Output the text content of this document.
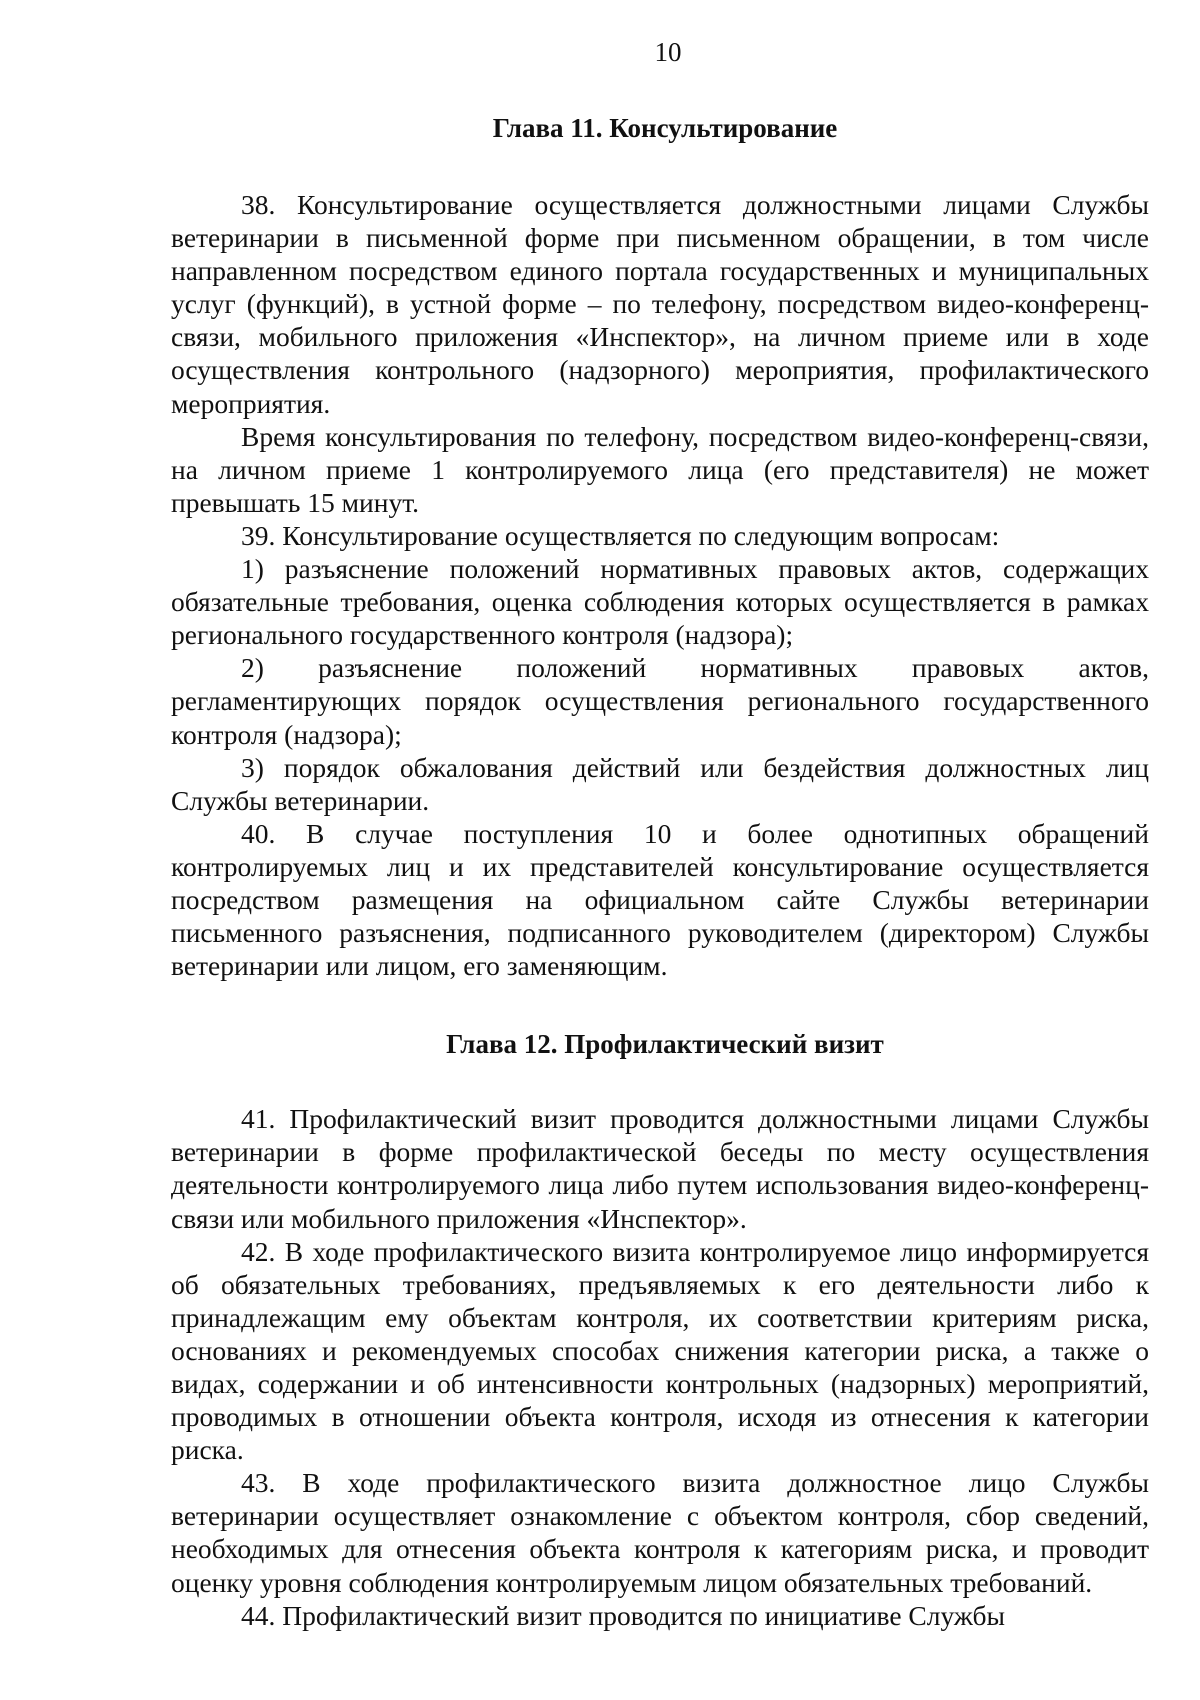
10
Глава 11. Консультирование

38. Консультирование осуществляется должностными лицами Службы ветеринарии в письменной форме при письменном обращении, в том числе направленном посредством единого портала государственных и муниципальных услуг (функций), в устной форме – по телефону, посредством видео-конференц-связи, мобильного приложения «Инспектор», на личном приеме или в ходе осуществления контрольного (надзорного) мероприятия, профилактического мероприятия.

Время консультирования по телефону, посредством видео-конференц-связи, на личном приеме 1 контролируемого лица (его представителя) не может превышать 15 минут.

39. Консультирование осуществляется по следующим вопросам:

1) разъяснение положений нормативных правовых актов, содержащих обязательные требования, оценка соблюдения которых осуществляется в рамках регионального государственного контроля (надзора);

2) разъяснение положений нормативных правовых актов, регламентирующих порядок осуществления регионального государственного контроля (надзора);

3) порядок обжалования действий или бездействия должностных лиц Службы ветеринарии.

40. В случае поступления 10 и более однотипных обращений контролируемых лиц и их представителей консультирование осуществляется посредством размещения на официальном сайте Службы ветеринарии письменного разъяснения, подписанного руководителем (директором) Службы ветеринарии или лицом, его заменяющим.

Глава 12. Профилактический визит

41. Профилактический визит проводится должностными лицами Службы ветеринарии в форме профилактической беседы по месту осуществления деятельности контролируемого лица либо путем использования видео-конференц-связи или мобильного приложения «Инспектор».

42. В ходе профилактического визита контролируемое лицо информируется об обязательных требованиях, предъявляемых к его деятельности либо к принадлежащим ему объектам контроля, их соответствии критериям риска, основаниях и рекомендуемых способах снижения категории риска, а также о видах, содержании и об интенсивности контрольных (надзорных) мероприятий, проводимых в отношении объекта контроля, исходя из отнесения к категории риска.

43. В ходе профилактического визита должностное лицо Службы ветеринарии осуществляет ознакомление с объектом контроля, сбор сведений, необходимых для отнесения объекта контроля к категориям риска, и проводит оценку уровня соблюдения контролируемым лицом обязательных требований.

44. Профилактический визит проводится по инициативе Службы
